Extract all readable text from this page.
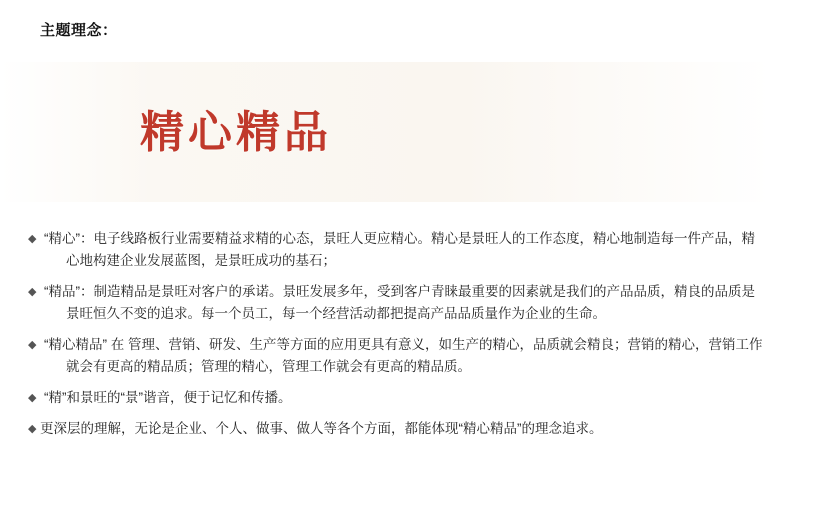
主题理念：
精心精品
◆ “精心”：电子线路板行业需要精益求精的心态，景旺人更应精心。精心是景旺人的工作态度，精心地制造每一件产品，精
心地构建企业发展蓝图，是景旺成功的基石；
◆ “精品”：制造精品是景旺对客户的承诺。景旺发展多年，受到客户青睐最重要的因素就是我们的产品品质，精良的品质是
景旺恒久不变的追求。每一个员工，每一个经营活动都把提高产品品质量作为企业的生命。
◆ “精心精品” 在 管理、营销、研发、生产等方面的应用更具有意义，如生产的精心，品质就会精良；营销的精心，营销工作
就会有更高的精品质；管理的精心，管理工作就会有更高的精品质。
◆ “精”和景旺的“景”谐音，便于记忆和传播。
◆ 更深层的理解，无论是企业、个人、做事、做人等各个方面，都能体现“精心精品”的理念追求。
